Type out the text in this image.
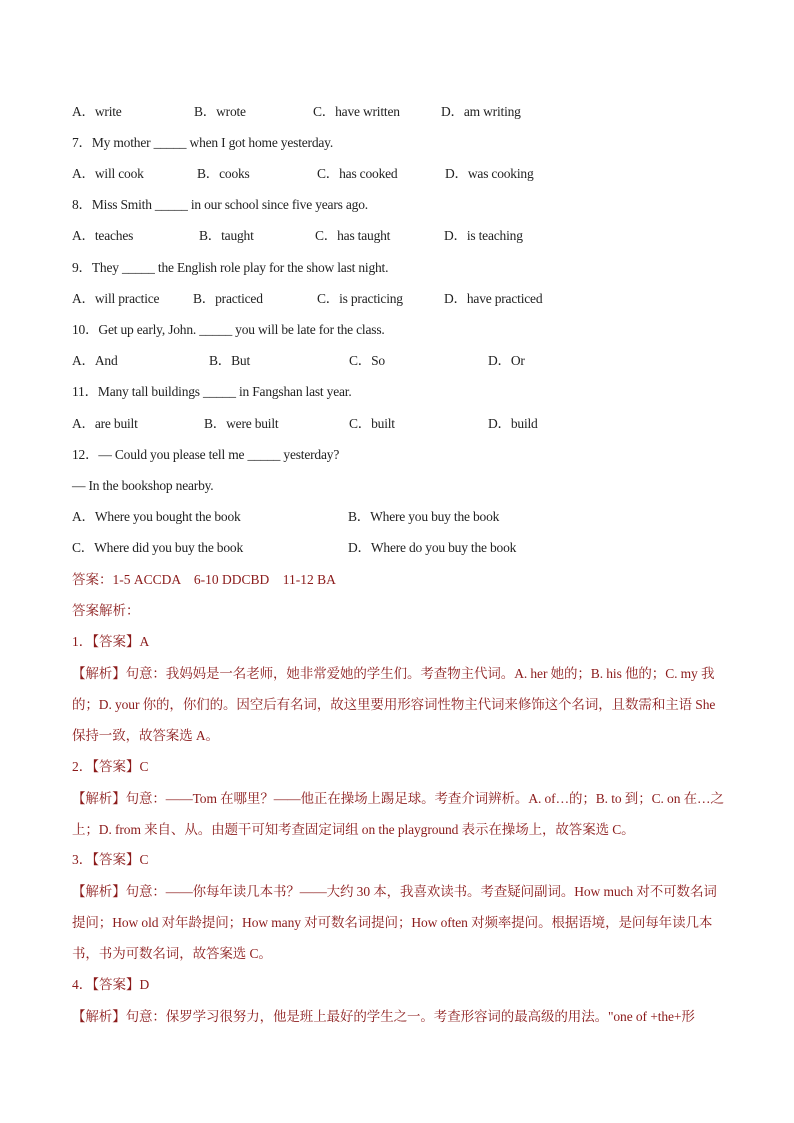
A．write	B．wrote	C．have written	D．am writing
7．My mother _____ when I got home yesterday.
A．will cook	B．cooks	C．has cooked	D．was cooking
8．Miss Smith _____ in our school since five years ago.
A．teaches	B．taught	C．has taught	D．is teaching
9．They _____ the English role play for the show last night.
A．will practice B．practiced	C．is practicing	D．have practiced
10．Get up early, John. _____ you will be late for the class.
A．And	B．But	C．So	D．Or
11．Many tall buildings _____ in Fangshan last year.
A．are built	B．were built	C．built	D．build
12．— Could you please tell me _____ yesterday?
— In the bookshop nearby.
A．Where you bought the book	B．Where you buy the book
C．Where did you buy the book	D．Where do you buy the book
答案：1-5 ACCDA    6-10 DDCBD    11-12 BA
答案解析：
1．【答案】A
【解析】句意：我妈妈是一名老师，她非常爱她的学生们。考查物主代词。A. her 她的；B. his 他的；C. my 我的；D. your 你的，你们的。因空后有名词，故这里要用形容词性物主代词来修饰这个名词，且数需和主语 She 保持一致，故答案选 A。
2．【答案】C
【解析】句意：——Tom 在哪里？——他正在操场上踢足球。考查介词辨析。A. of…的；B. to 到；C. on 在…之上；D. from 来自、从。由题干可知考查固定词组 on the playground 表示在操场上，故答案选 C。
3．【答案】C
【解析】句意：——你每年读几本书？——大约 30 本，我喜欢读书。考查疑问副词。How much 对不可数名词提问；How old 对年龄提问；How many 对可数名词提问；How often 对频率提问。根据语境，是问每年读几本书，书为可数名词，故答案选 C。
4．【答案】D
【解析】句意：保罗学习很努力，他是班上最好的学生之一。考查形容词的最高级的用法。"one of +the+形
